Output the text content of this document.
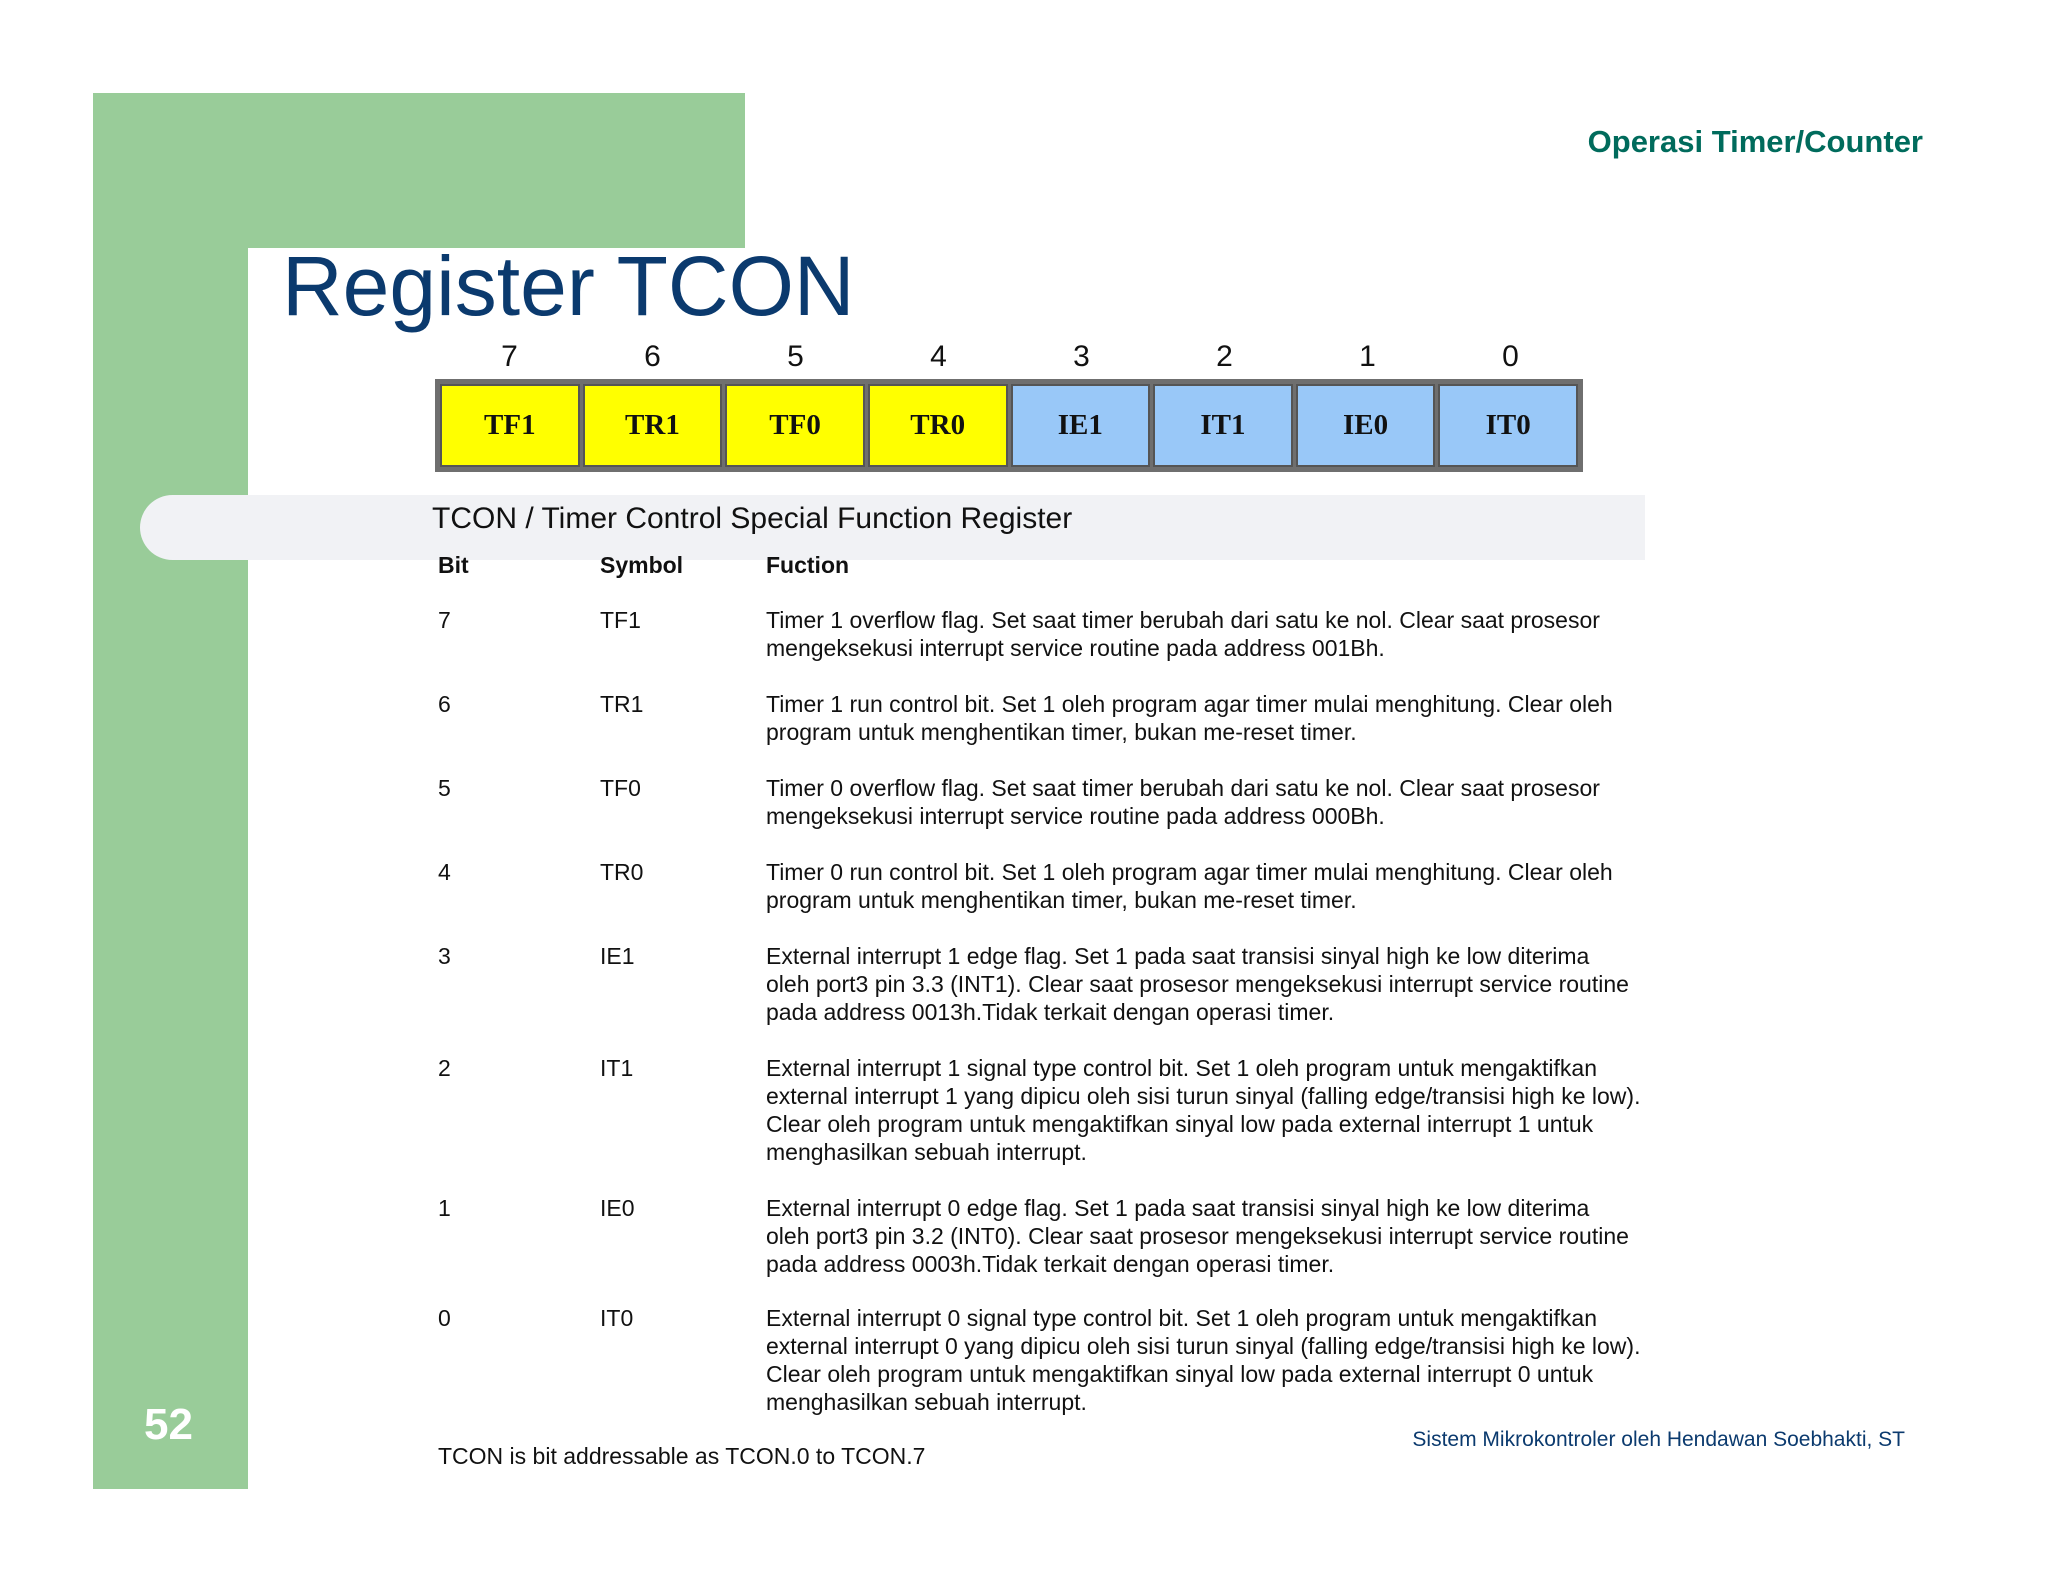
Operasi Timer/Counter
Register TCON
7	6	5	4	3	2	1	0
TF1	TR1	TF0	TR0	IE1	IT1	IE0	IT0
TCON / Timer Control Special Function Register
Bit	Symbol	Fuction
7	TF1	Timer 1 overflow flag. Set saat timer berubah dari satu ke nol. Clear saat prosesor
mengeksekusi interrupt service routine pada address 001Bh.
6	TR1	Timer 1 run control bit. Set 1 oleh program agar timer mulai menghitung. Clear oleh
program untuk menghentikan timer, bukan me-reset timer.
5	TF0	Timer 0 overflow flag. Set saat timer berubah dari satu ke nol. Clear saat prosesor
mengeksekusi interrupt service routine pada address 000Bh.
4	TR0	Timer 0 run control bit. Set 1 oleh program agar timer mulai menghitung. Clear oleh
program untuk menghentikan timer, bukan me-reset timer.
3	IE1	External interrupt 1 edge flag. Set 1 pada saat transisi sinyal high ke low diterima
oleh port3 pin 3.3 (INT1). Clear saat prosesor mengeksekusi interrupt service routine
pada address 0013h.Tidak terkait dengan operasi timer.
2	IT1	External interrupt 1 signal type control bit. Set 1 oleh program untuk mengaktifkan
external interrupt 1 yang dipicu oleh sisi turun sinyal (falling edge/transisi high ke low).
Clear oleh program untuk mengaktifkan sinyal low pada external interrupt 1 untuk
menghasilkan sebuah interrupt.
1	IE0	External interrupt 0 edge flag. Set 1 pada saat transisi sinyal high ke low diterima
oleh port3 pin 3.2 (INT0). Clear saat prosesor mengeksekusi interrupt service routine
pada address 0003h.Tidak terkait dengan operasi timer.
0	IT0	External interrupt 0 signal type control bit. Set 1 oleh program untuk mengaktifkan
external interrupt 0 yang dipicu oleh sisi turun sinyal (falling edge/transisi high ke low).
Clear oleh program untuk mengaktifkan sinyal low pada external interrupt 0 untuk
menghasilkan sebuah interrupt.
TCON is bit addressable as TCON.0 to TCON.7
Sistem Mikrokontroler oleh Hendawan Soebhakti, ST
52
